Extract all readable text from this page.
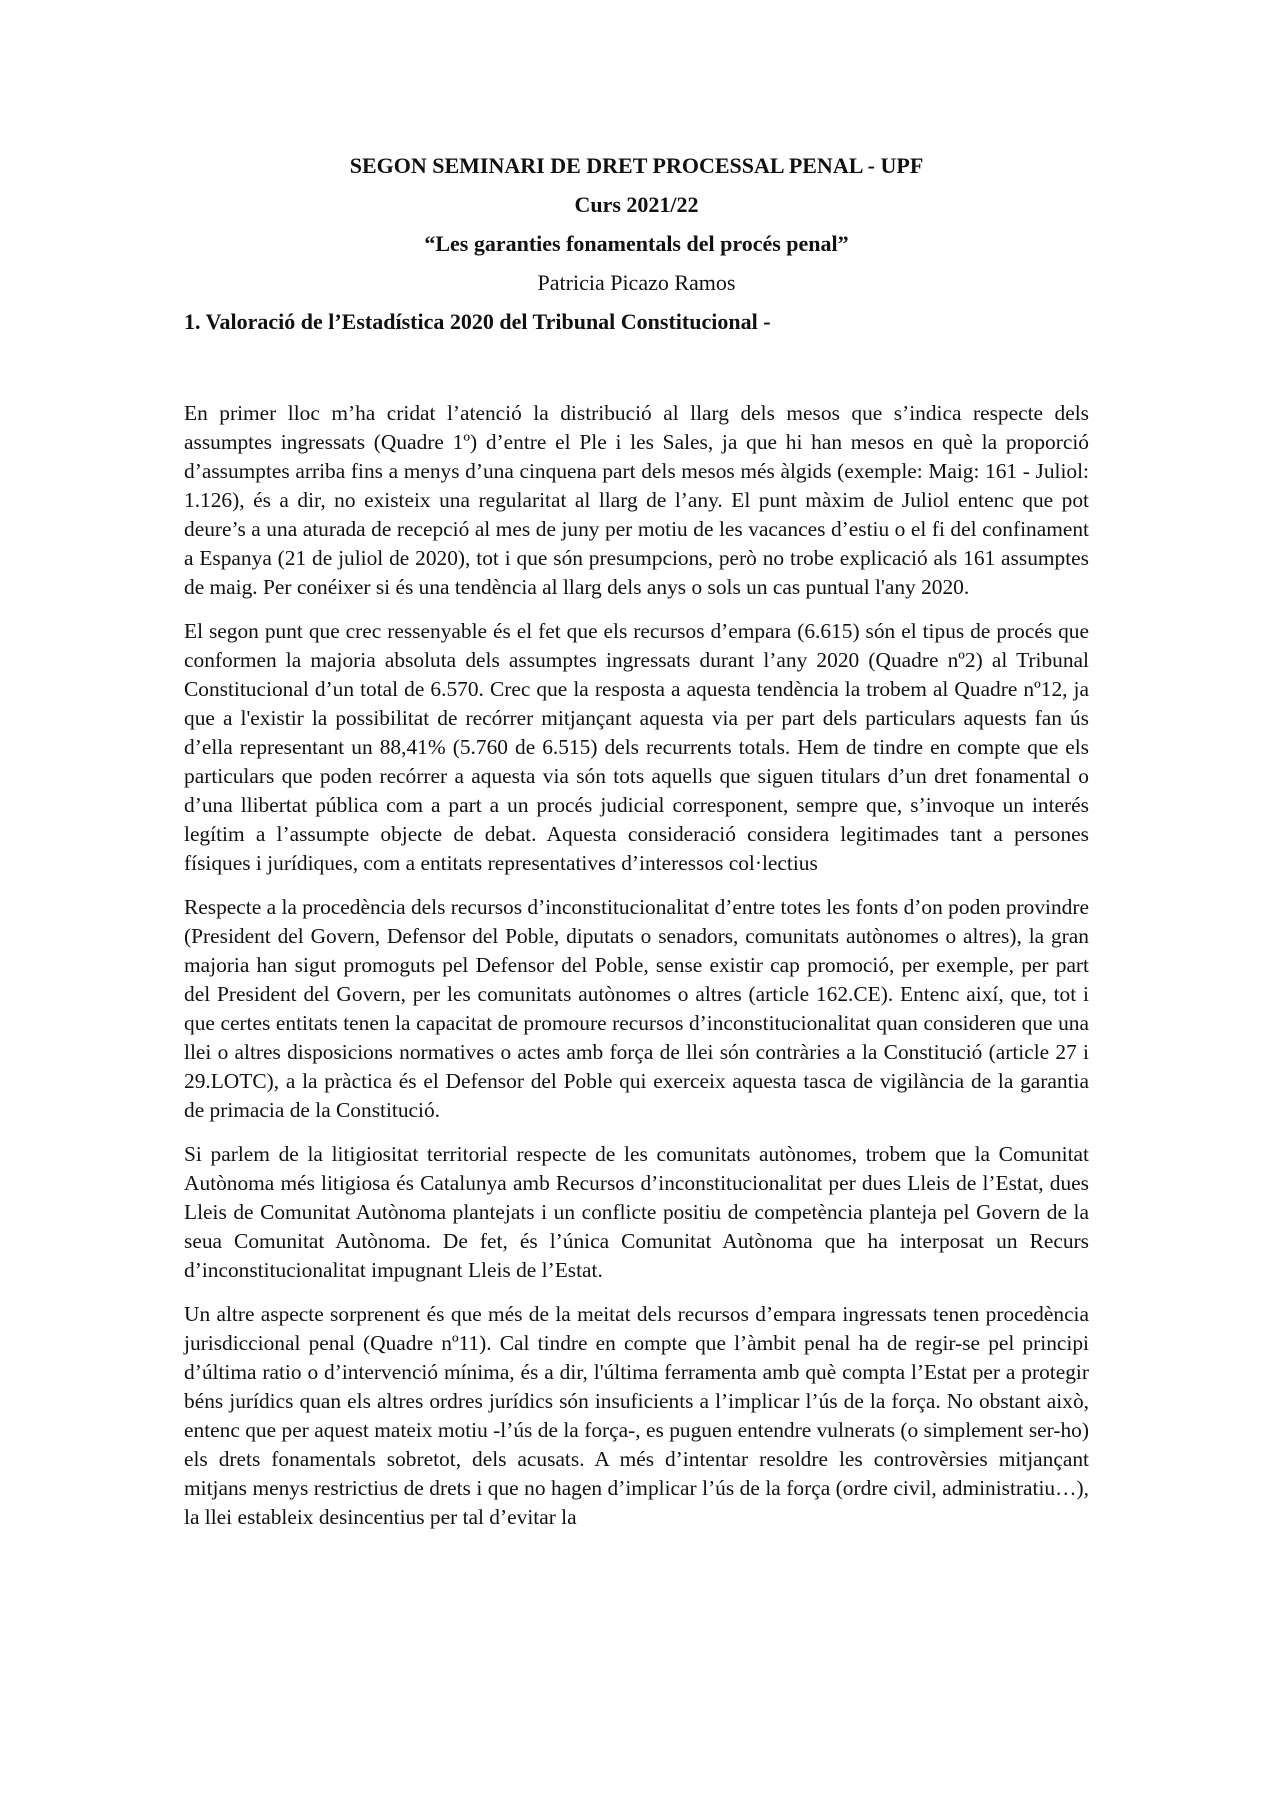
SEGON SEMINARI DE DRET PROCESSAL PENAL - UPF

Curs 2021/22

“Les garanties fonamentals del procés penal”

Patricia Picazo Ramos

1. Valoració de l’Estadística 2020 del Tribunal Constitucional -

En primer lloc m’ha cridat l’atenció la distribució al llarg dels mesos que s’indica respecte dels assumptes ingressats (Quadre 1º) d’entre el Ple i les Sales, ja que hi han mesos en què la proporció d’assumptes arriba fins a menys d’una cinquena part dels mesos més àlgids (exemple: Maig: 161 - Juliol: 1.126), és a dir, no existeix una regularitat al llarg de l’any. El punt màxim de Juliol entenc que pot deure’s a una aturada de recepció al mes de juny per motiu de les vacances d’estiu o el fi del confinament a Espanya (21 de juliol de 2020), tot i que són presumpcions, però no trobe explicació als 161 assumptes de maig. Per conéixer si és una tendència al llarg dels anys o sols un cas puntual l'any 2020.

El segon punt que crec ressenyable és el fet que els recursos d’empara (6.615) són el tipus de procés que conformen la majoria absoluta dels assumptes ingressats durant l’any 2020 (Quadre nº2) al Tribunal Constitucional d’un total de 6.570. Crec que la resposta a aquesta tendència la trobem al Quadre nº12, ja que a l'existir la possibilitat de recórrer mitjançant aquesta via per part dels particulars aquests fan ús d’ella representant un 88,41% (5.760 de 6.515) dels recurrents totals. Hem de tindre en compte que els particulars que poden recórrer a aquesta via són tots aquells que siguen titulars d’un dret fonamental o d’una llibertat pública com a part a un procés judicial corresponent, sempre que, s’invoque un interés legítim a l’assumpte objecte de debat. Aquesta consideració considera legitimades tant a persones físiques i jurídiques, com a entitats representatives d’interessos col·lectius

Respecte a la procedència dels recursos d’inconstitucionalitat d’entre totes les fonts d’on poden provindre (President del Govern, Defensor del Poble, diputats o senadors, comunitats autònomes o altres), la gran majoria han sigut promoguts pel Defensor del Poble, sense existir cap promoció, per exemple, per part del President del Govern, per les comunitats autònomes o altres (article 162.CE). Entenc així, que, tot i que certes entitats tenen la capacitat de promoure recursos d’inconstitucionalitat quan consideren que una llei o altres disposicions normatives o actes amb força de llei són contràries a la Constitució (article 27 i 29.LOTC), a la pràctica és el Defensor del Poble qui exerceix aquesta tasca de vigilància de la garantia de primacia de la Constitució.

Si parlem de la litigiositat territorial respecte de les comunitats autònomes, trobem que la Comunitat Autònoma més litigiosa és Catalunya amb Recursos d’inconstitucionalitat per dues Lleis de l’Estat, dues Lleis de Comunitat Autònoma plantejats i un conflicte positiu de competència planteja pel Govern de la seua Comunitat Autònoma. De fet, és l’única Comunitat Autònoma que ha interposat un Recurs d’inconstitucionalitat impugnant Lleis de l’Estat.

Un altre aspecte sorprenent és que més de la meitat dels recursos d’empara ingressats tenen procedència jurisdiccional penal (Quadre nº11). Cal tindre en compte que l’àmbit penal ha de regir-se pel principi d’última ratio o d’intervenció mínima, és a dir, l'última ferramenta amb què compta l’Estat per a protegir béns jurídics quan els altres ordres jurídics són insuficients a l’implicar l’ús de la força. No obstant això, entenc que per aquest mateix motiu -l’ús de la força-, es puguen entendre vulnerats (o simplement ser-ho) els drets fonamentals sobretot, dels acusats. A més d’intentar resoldre les controvèrsies mitjançant mitjans menys restrictius de drets i que no hagen d’implicar l’ús de la força (ordre civil, administratiu…), la llei estableix desincentius per tal d’evitar la
